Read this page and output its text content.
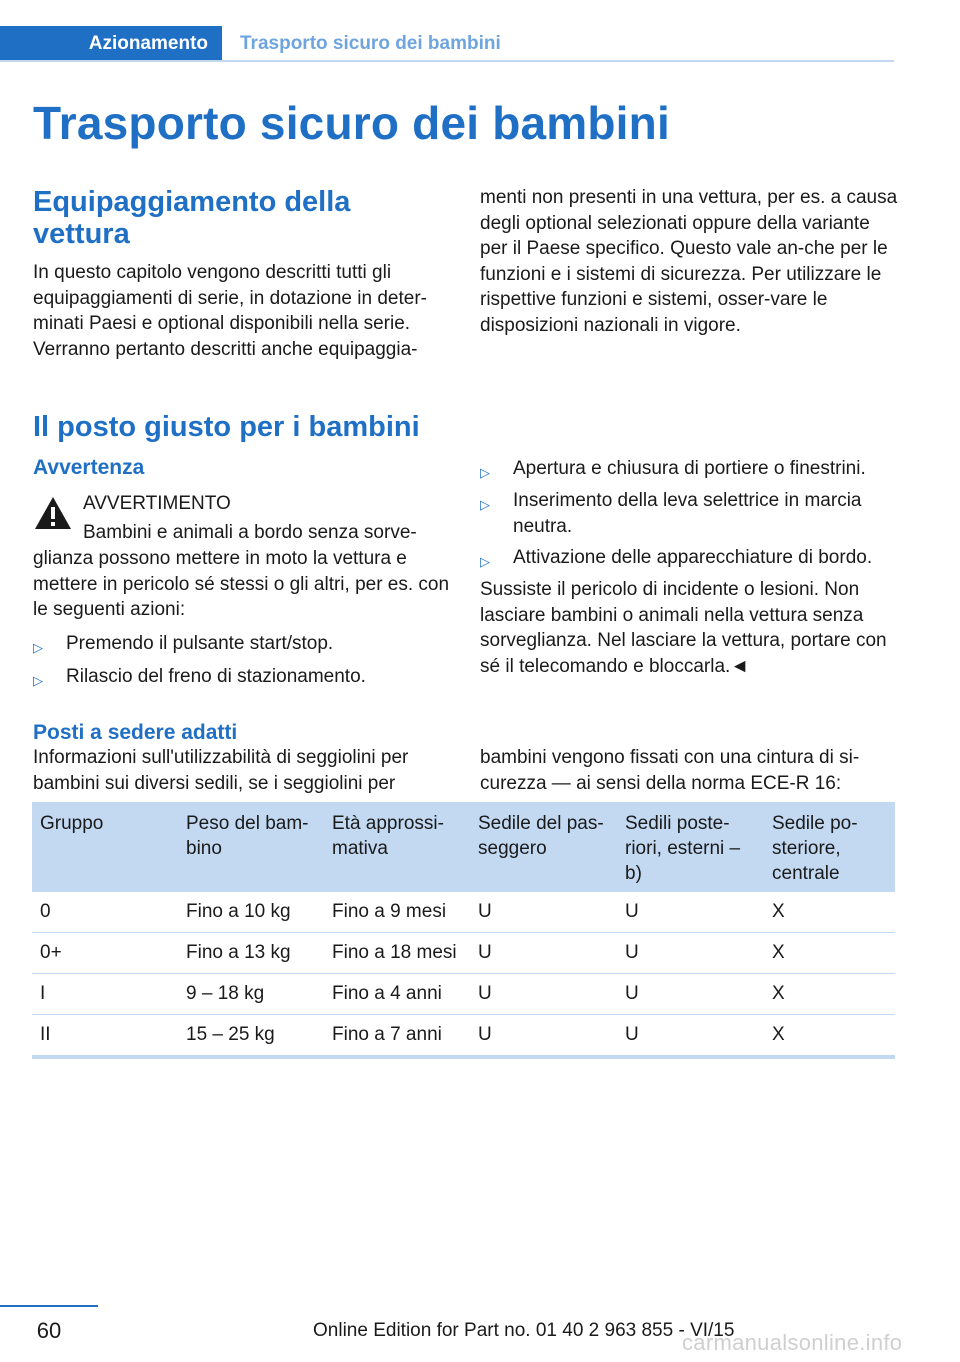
Azionamento	Trasporto sicuro dei bambini
Trasporto sicuro dei bambini
Equipaggiamento della vettura

In questo capitolo vengono descritti tutti gli equipaggiamenti di serie, in dotazione in deter-minati Paesi e optional disponibili nella serie. Verranno pertanto descritti anche equipaggia-

menti non presenti in una vettura, per es. a causa degli optional selezionati oppure della variante per il Paese specifico. Questo vale an-che per le funzioni e i sistemi di sicurezza. Per utilizzare le rispettive funzioni e sistemi, osser-vare le disposizioni nazionali in vigore.

Il posto giusto per i bambini
Avvertenza
AVVERTIMENTO
Bambini e animali a bordo senza sorve-

glianza possono mettere in moto la vettura e mettere in pericolo sé stessi o gli altri, per es. con le seguenti azioni:

▷ Premendo il pulsante start/stop.
▷ Rilascio del freno di stazionamento.
▷ Apertura e chiusura di portiere o finestrini.
▷ Inserimento della leva selettrice in marcia neutra.
▷ Attivazione delle apparecchiature di bordo.

Sussiste il pericolo di incidente o lesioni. Non lasciare bambini o animali nella vettura senza sorveglianza. Nel lasciare la vettura, portare con sé il telecomando e bloccarla.◄

Posti a sedere adatti

Informazioni sull'utilizzabilità di seggiolini per bambini sui diversi sedili, se i seggiolini per

bambini vengono fissati con una cintura di si-curezza — ai sensi della norma ECE-R 16:

Gruppo	Peso del bam-bino	Età approssi-mativa	Sedile del pas-seggero	Sedili poste-riori, esterni – b)	Sedile po-steriore, centrale
0	Fino a 10 kg	Fino a 9 mesi	U	U	X
0+	Fino a 13 kg	Fino a 18 mesi	U	U	X
I	9 – 18 kg	Fino a 4 anni	U	U	X
II	15 – 25 kg	Fino a 7 anni	U	U	X
60	Online Edition for Part no. 01 40 2 963 855 - VI/15
carmanualsonline.info
